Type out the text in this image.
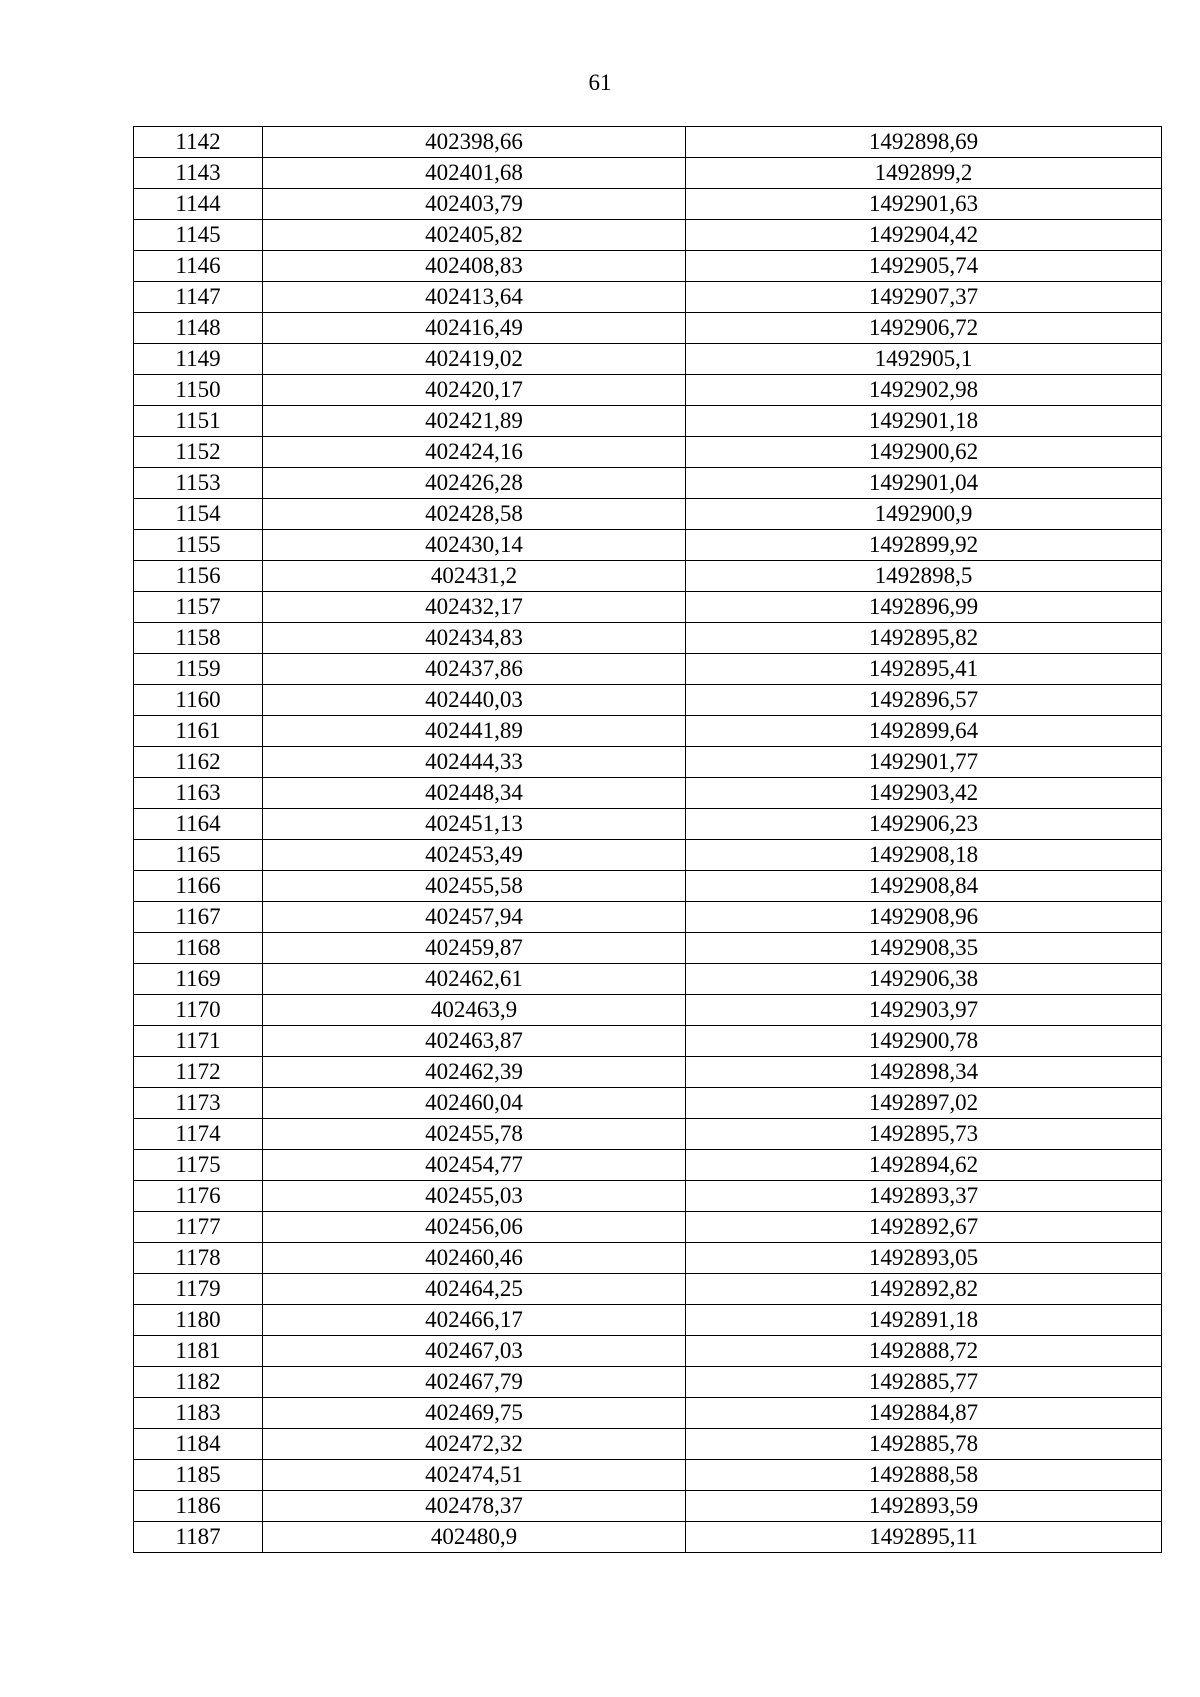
61
1142	402398,66	1492898,69
1143	402401,68	1492899,2
1144	402403,79	1492901,63
1145	402405,82	1492904,42
1146	402408,83	1492905,74
1147	402413,64	1492907,37
1148	402416,49	1492906,72
1149	402419,02	1492905,1
1150	402420,17	1492902,98
1151	402421,89	1492901,18
1152	402424,16	1492900,62
1153	402426,28	1492901,04
1154	402428,58	1492900,9
1155	402430,14	1492899,92
1156	402431,2	1492898,5
1157	402432,17	1492896,99
1158	402434,83	1492895,82
1159	402437,86	1492895,41
1160	402440,03	1492896,57
1161	402441,89	1492899,64
1162	402444,33	1492901,77
1163	402448,34	1492903,42
1164	402451,13	1492906,23
1165	402453,49	1492908,18
1166	402455,58	1492908,84
1167	402457,94	1492908,96
1168	402459,87	1492908,35
1169	402462,61	1492906,38
1170	402463,9	1492903,97
1171	402463,87	1492900,78
1172	402462,39	1492898,34
1173	402460,04	1492897,02
1174	402455,78	1492895,73
1175	402454,77	1492894,62
1176	402455,03	1492893,37
1177	402456,06	1492892,67
1178	402460,46	1492893,05
1179	402464,25	1492892,82
1180	402466,17	1492891,18
1181	402467,03	1492888,72
1182	402467,79	1492885,77
1183	402469,75	1492884,87
1184	402472,32	1492885,78
1185	402474,51	1492888,58
1186	402478,37	1492893,59
1187	402480,9	1492895,11
